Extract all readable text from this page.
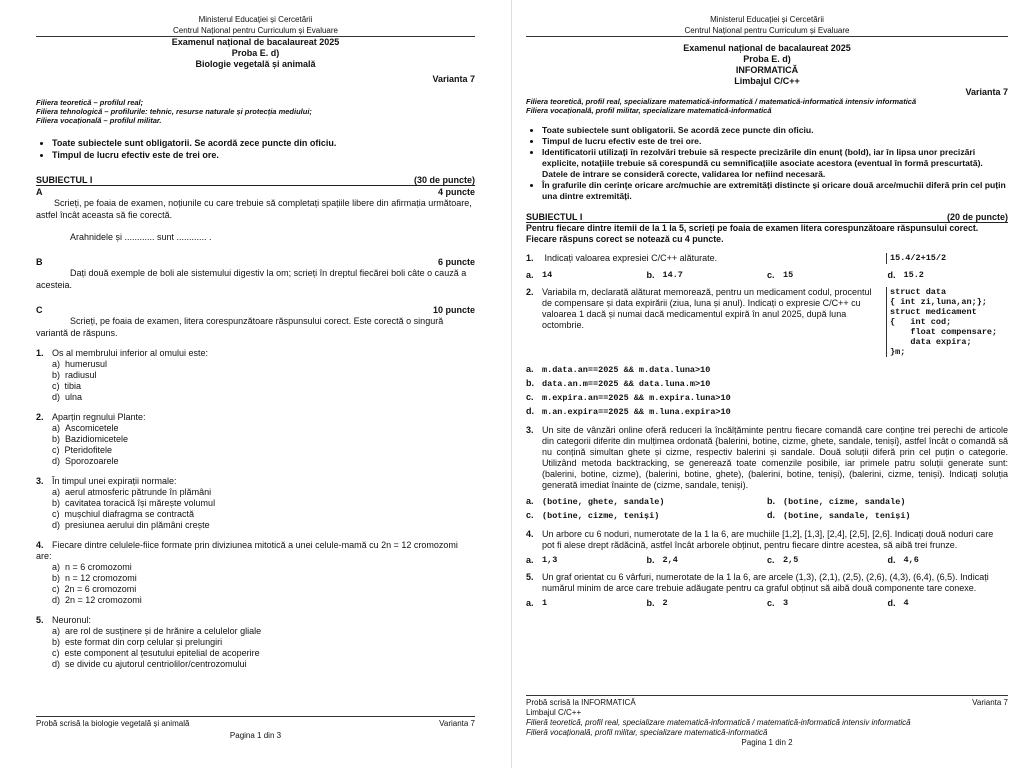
Ministerul Educației și Cercetării
Centrul Național pentru Curriculum și Evaluare
Examenul național de bacalaureat 2025
Proba E. d)
Biologie vegetală și animală
Varianta 7
Filiera teoretică – profilul real;
Filiera tehnologică – profilurile: tehnic, resurse naturale și protecția mediului;
Filiera vocațională – profilul militar.
• Toate subiectele sunt obligatorii. Se acordă zece puncte din oficiu.
• Timpul de lucru efectiv este de trei ore.
SUBIECTUL I	(30 de puncte)
A	4 puncte
Scrieți, pe foaia de examen, noțiunile cu care trebuie să completați spațiile libere din afirmația următoare, astfel încât aceasta să fie corectă.
Arahnidele și ............ sunt ............ .
B	6 puncte
Dați două exemple de boli ale sistemului digestiv la om; scrieți în dreptul fiecărei boli câte o cauză a acesteia.
C	10 puncte
Scrieți, pe foaia de examen, litera corespunzătoare răspunsului corect. Este corectă o singură variantă de răspuns.
1. Os al membrului inferior al omului este:
a)  humerusul
b)  radiusul
c)  tibia
d)  ulna
2. Aparțin regnului Plante:
a)  Ascomicetele
b)  Bazidiomicetele
c)  Pteridofitele
d)  Sporozoarele
3. În timpul unei expirații normale:
a)  aerul atmosferic pătrunde în plămâni
b)  cavitatea toracică își mărește volumul
c)  mușchiul diafragma se contractă
d)  presiunea aerului din plămâni crește
4. Fiecare dintre celulele-fiice formate prin diviziunea mitotică a unei celule-mamă cu 2n = 12 cromozomi are:
a)  n = 6 cromozomi
b)  n = 12 cromozomi
c)  2n = 6 cromozomi
d)  2n = 12 cromozomi
5. Neuronul:
a)  are rol de susținere și de hrănire a celulelor gliale
b)  este format din corp celular și prelungiri
c)  este component al țesutului epitelial de acoperire
d)  se divide cu ajutorul centriolilor/centrozomului
Probă scrisă la biologie vegetală și animală	Varianta 7
Pagina 1 din 3
Ministerul Educației și Cercetării
Centrul Național pentru Curriculum și Evaluare
Examenul național de bacalaureat 2025
Proba E. d)
INFORMATICĂ
Limbajul C/C++
Varianta 7
Filiera teoretică, profil real, specializare matematică-informatică / matematică-informatică intensiv informatică
Filiera vocațională, profil militar, specializare matematică-informatică
• Toate subiectele sunt obligatorii. Se acordă zece puncte din oficiu.
• Timpul de lucru efectiv este de trei ore.
• Identificatorii utilizați în rezolvări trebuie să respecte precizările din enunț (bold), iar în lipsa unor precizări explicite, notațiile trebuie să corespundă cu semnificațiile asociate acestora (eventual în formă prescurtată). Datele de intrare se consideră corecte, validarea lor nefiind necesară.
• În grafurile din cerințe oricare arc/muchie are extremități distincte și oricare două arce/muchii diferă prin cel puțin una dintre extremități.
SUBIECTUL I	(20 de puncte)
Pentru fiecare dintre itemii de la 1 la 5, scrieți pe foaia de examen litera corespunzătoare răspunsului corect. Fiecare răspuns corect se notează cu 4 puncte.
1. Indicați valoarea expresiei C/C++ alăturate.	15.4/2+15/2
a. 14	b. 14.7	c. 15	d. 15.2
2. Variabila m, declarată alăturat memorează, pentru un medicament codul, procentul de compensare și data expirării (ziua, luna și anul). Indicați o expresie C/C++ cu valoarea 1 dacă și numai dacă medicamentul expiră în anul 2025, după luna octombrie.
struct data
{ int zi,luna,an;};
struct medicament
{   int cod;
float compensare;
data expira;
}m;
a. m.data.an==2025 && m.data.luna>10
b. data.an.m==2025 && data.luna.m>10
c. m.expira.an==2025 && m.expira.luna>10
d. m.an.expira==2025 && m.luna.expira>10
3. Un site de vânzări online oferă reduceri la încălțăminte pentru fiecare comandă care conține trei perechi de articole din categorii diferite din mulțimea ordonată {balerini, botine, cizme, ghete, sandale, teniși}, astfel încât o comandă să nu conțină simultan ghete și cizme, respectiv balerini și sandale. Două soluții diferă prin cel puțin o categorie. Utilizând metoda backtracking, se generează toate comenzile posibile, iar primele patru soluții generate sunt: (balerini, botine, cizme), (balerini, botine, ghete), (balerini, botine, teniși), (balerini, cizme, teniși). Indicați soluția generată imediat înainte de (cizme, sandale, teniși).
a. (botine, ghete, sandale)	b. (botine, cizme, sandale)
c. (botine, cizme, teniși)	d. (botine, sandale, teniși)
4. Un arbore cu 6 noduri, numerotate de la 1 la 6, are muchiile [1,2], [1,3], [2,4], [2,5], [2,6]. Indicați două noduri care pot fi alese drept rădăcină, astfel încât arborele obținut, pentru fiecare dintre acestea, să aibă trei frunze.
a. 1,3	b. 2,4	c. 2,5	d. 4,6
5. Un graf orientat cu 6 vârfuri, numerotate de la 1 la 6, are arcele (1,3), (2,1), (2,5), (2,6), (4,3), (6,4), (6,5). Indicați numărul minim de arce care trebuie adăugate pentru ca graful obținut să aibă două componente tare conexe.
a. 1	b. 2	c. 3	d. 4
Probă scrisă la INFORMATICĂ	Varianta 7
Limbajul C/C++
Filieră teoretică, profil real, specializare matematică-informatică / matematică-informatică intensiv informatică
Filieră vocațională, profil militar, specializare matematică-informatică
Pagina 1 din 2
